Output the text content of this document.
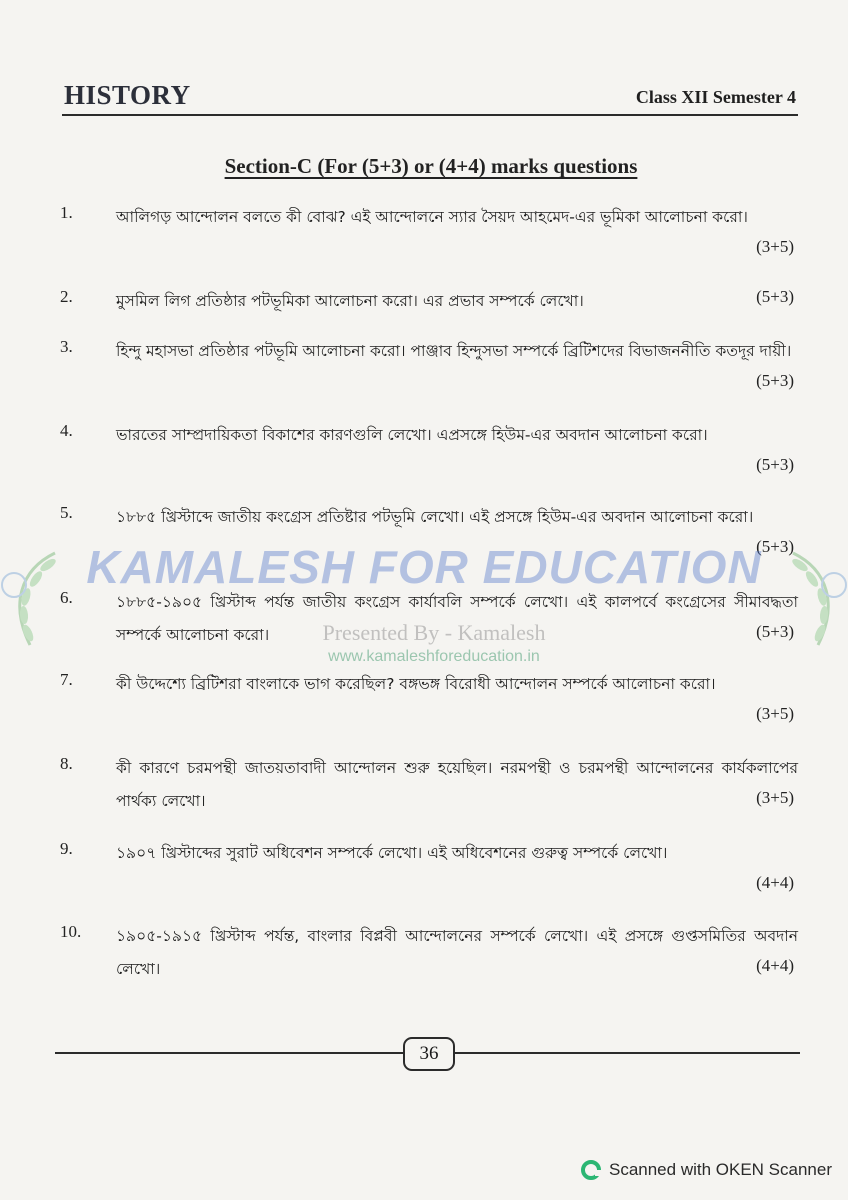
HISTORY	Class XII Semester 4
Section-C (For (5+3) or (4+4) marks questions
1.	আলিগড় আন্দোলন বলতে কী বোঝ? এই আন্দোলনে স্যার সৈয়দ আহমেদ-এর ভূমিকা আলোচনা করো।
(3+5)
2.	মুসমিল লিগ প্রতিষ্ঠার পটভূমিকা আলোচনা করো। এর প্রভাব সম্পর্কে লেখো।	(5+3)
3.	হিন্দু মহাসভা প্রতিষ্ঠার পটভূমি আলোচনা করো। পাঞ্জাব হিন্দুসভা সম্পর্কে ব্রিটিশদের বিভাজননীতি কতদূর দায়ী।
(5+3)
4.	ভারতের সাম্প্রদায়িকতা বিকাশের কারণগুলি লেখো। এপ্রসঙ্গে হিউম-এর অবদান আলোচনা করো।
(5+3)
5.	১৮৮৫ খ্রিস্টাব্দে জাতীয় কংগ্রেস প্রতিষ্টার পটভূমি লেখো। এই প্রসঙ্গে হিউম-এর অবদান আলোচনা করো।
(5+3)
6.	১৮৮৫-১৯০৫ খ্রিস্টাব্দ পর্যন্ত জাতীয় কংগ্রেস কার্যাবলি সম্পর্কে লেখো। এই কালপর্বে কংগ্রেসের সীমাবদ্ধতা সম্পর্কে আলোচনা করো।	(5+3)
7.	কী উদ্দেশ্যে ব্রিটিশরা বাংলাকে ভাগ করেছিল? বঙ্গভঙ্গ বিরোধী আন্দোলন সম্পর্কে আলোচনা করো।
(3+5)
8.	কী কারণে চরমপন্থী জাতয়তাবাদী আন্দোলন শুরু হয়েছিল। নরমপন্থী ও চরমপন্থী আন্দোলনের কার্যকলাপের পার্থক্য লেখো।	(3+5)
9.	১৯০৭ খ্রিস্টাব্দের সুরাট অধিবেশন সম্পর্কে লেখো। এই অধিবেশনের গুরুত্ব সম্পর্কে লেখো।
(4+4)
10. ১৯০৫-১৯১৫ খ্রিস্টাব্দ পর্যন্ত, বাংলার বিপ্লবী আন্দোলনের সম্পর্কে লেখো। এই প্রসঙ্গে গুপ্তসমিতির অবদান লেখো।	(4+4)
KAMALESH FOR EDUCATION
Presented By - Kamalesh
www.kamaleshforeducation.in
36
Scanned with OKEN Scanner
